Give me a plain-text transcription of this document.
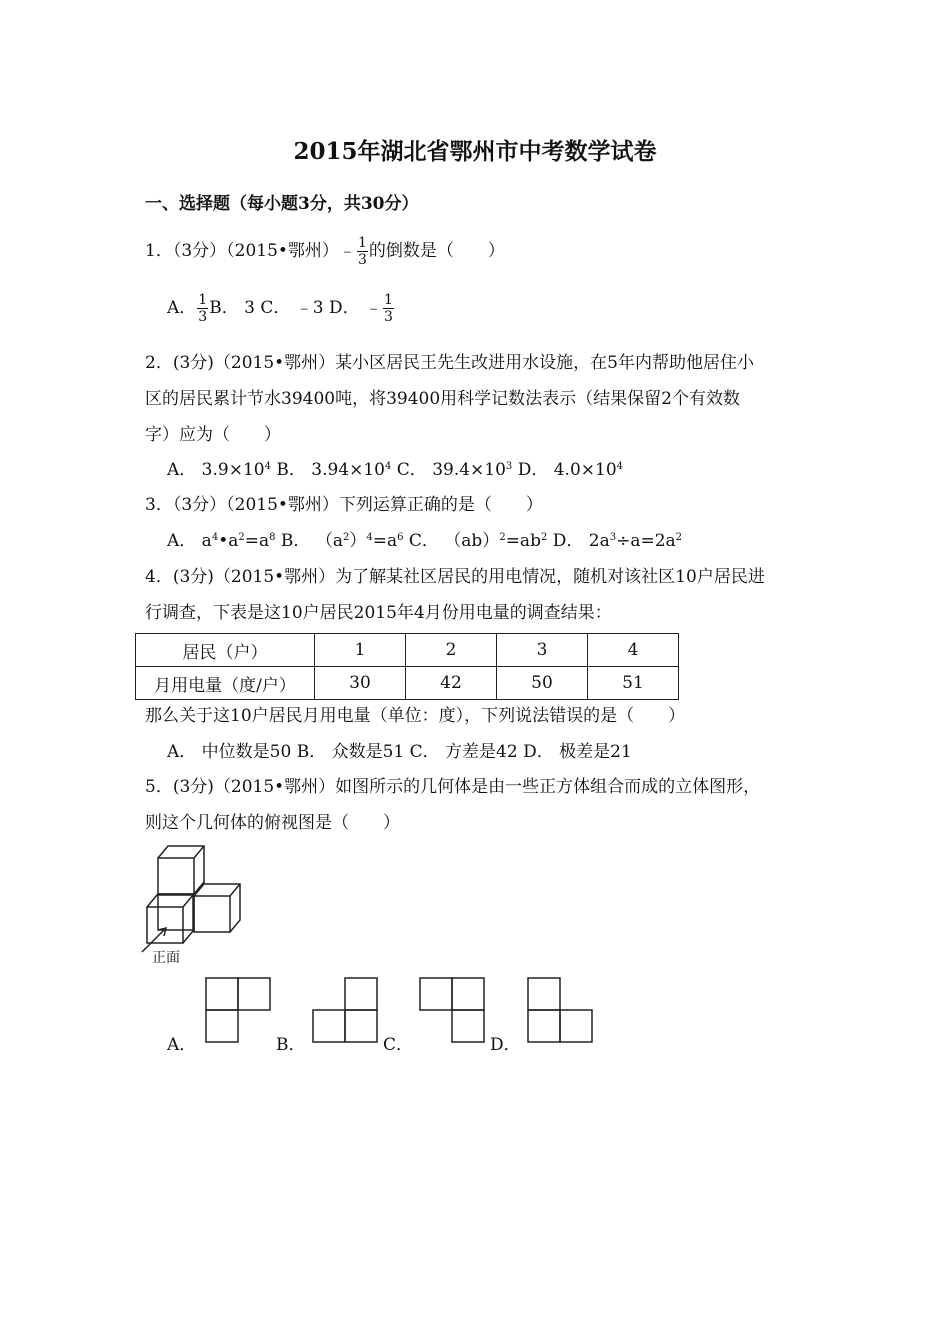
2015年湖北省鄂州市中考数学试卷
一、选择题（每小题3分，共30分）
1．（3分）（2015•鄂州）﹣ $\frac{1}{3}$ 的倒数是（　　）
A． $\frac{1}{3}$ B． 3 C． ﹣3 D． ﹣ $\frac{1}{3}$
2．(3分)（2015•鄂州）某小区居民王先生改进用水设施，在5年内帮助他居住小
区的居民累计节水39400吨，将39400用科学记数法表示（结果保留2个有效数
字）应为（　　）
A． $3.9\times 10^4$ B． $3.94\times 10^4$ C． $39.4\times 10^3$ D． $4.0\times 10^4$
3．（3分）（2015•鄂州）下列运算正确的是（　　）
A． $a^4•a^2=a^8$ B． $(a^2)^4=a^6$ C． $(ab)^2=ab^2$ D． $2a^3\div a=2a^2$
4．(3分)（2015•鄂州）为了解某社区居民的用电情况，随机对该社区10户居民进
行调查，下表是这10户居民2015年4月份用电量的调查结果：
居民（户）	1	2	3	4
月用电量（度/户）	30	42	50	51
那么关于这10户居民月用电量（单位：度），下列说法错误的是（　　）
A． 中位数是50 B． 众数是51 C． 方差是42 D． 极差是21
5．(3分)（2015•鄂州）如图所示的几何体是由一些正方体组合而成的立体图形，
则这个几何体的俯视图是（　　）
正面
A．	B．	C．	D．
